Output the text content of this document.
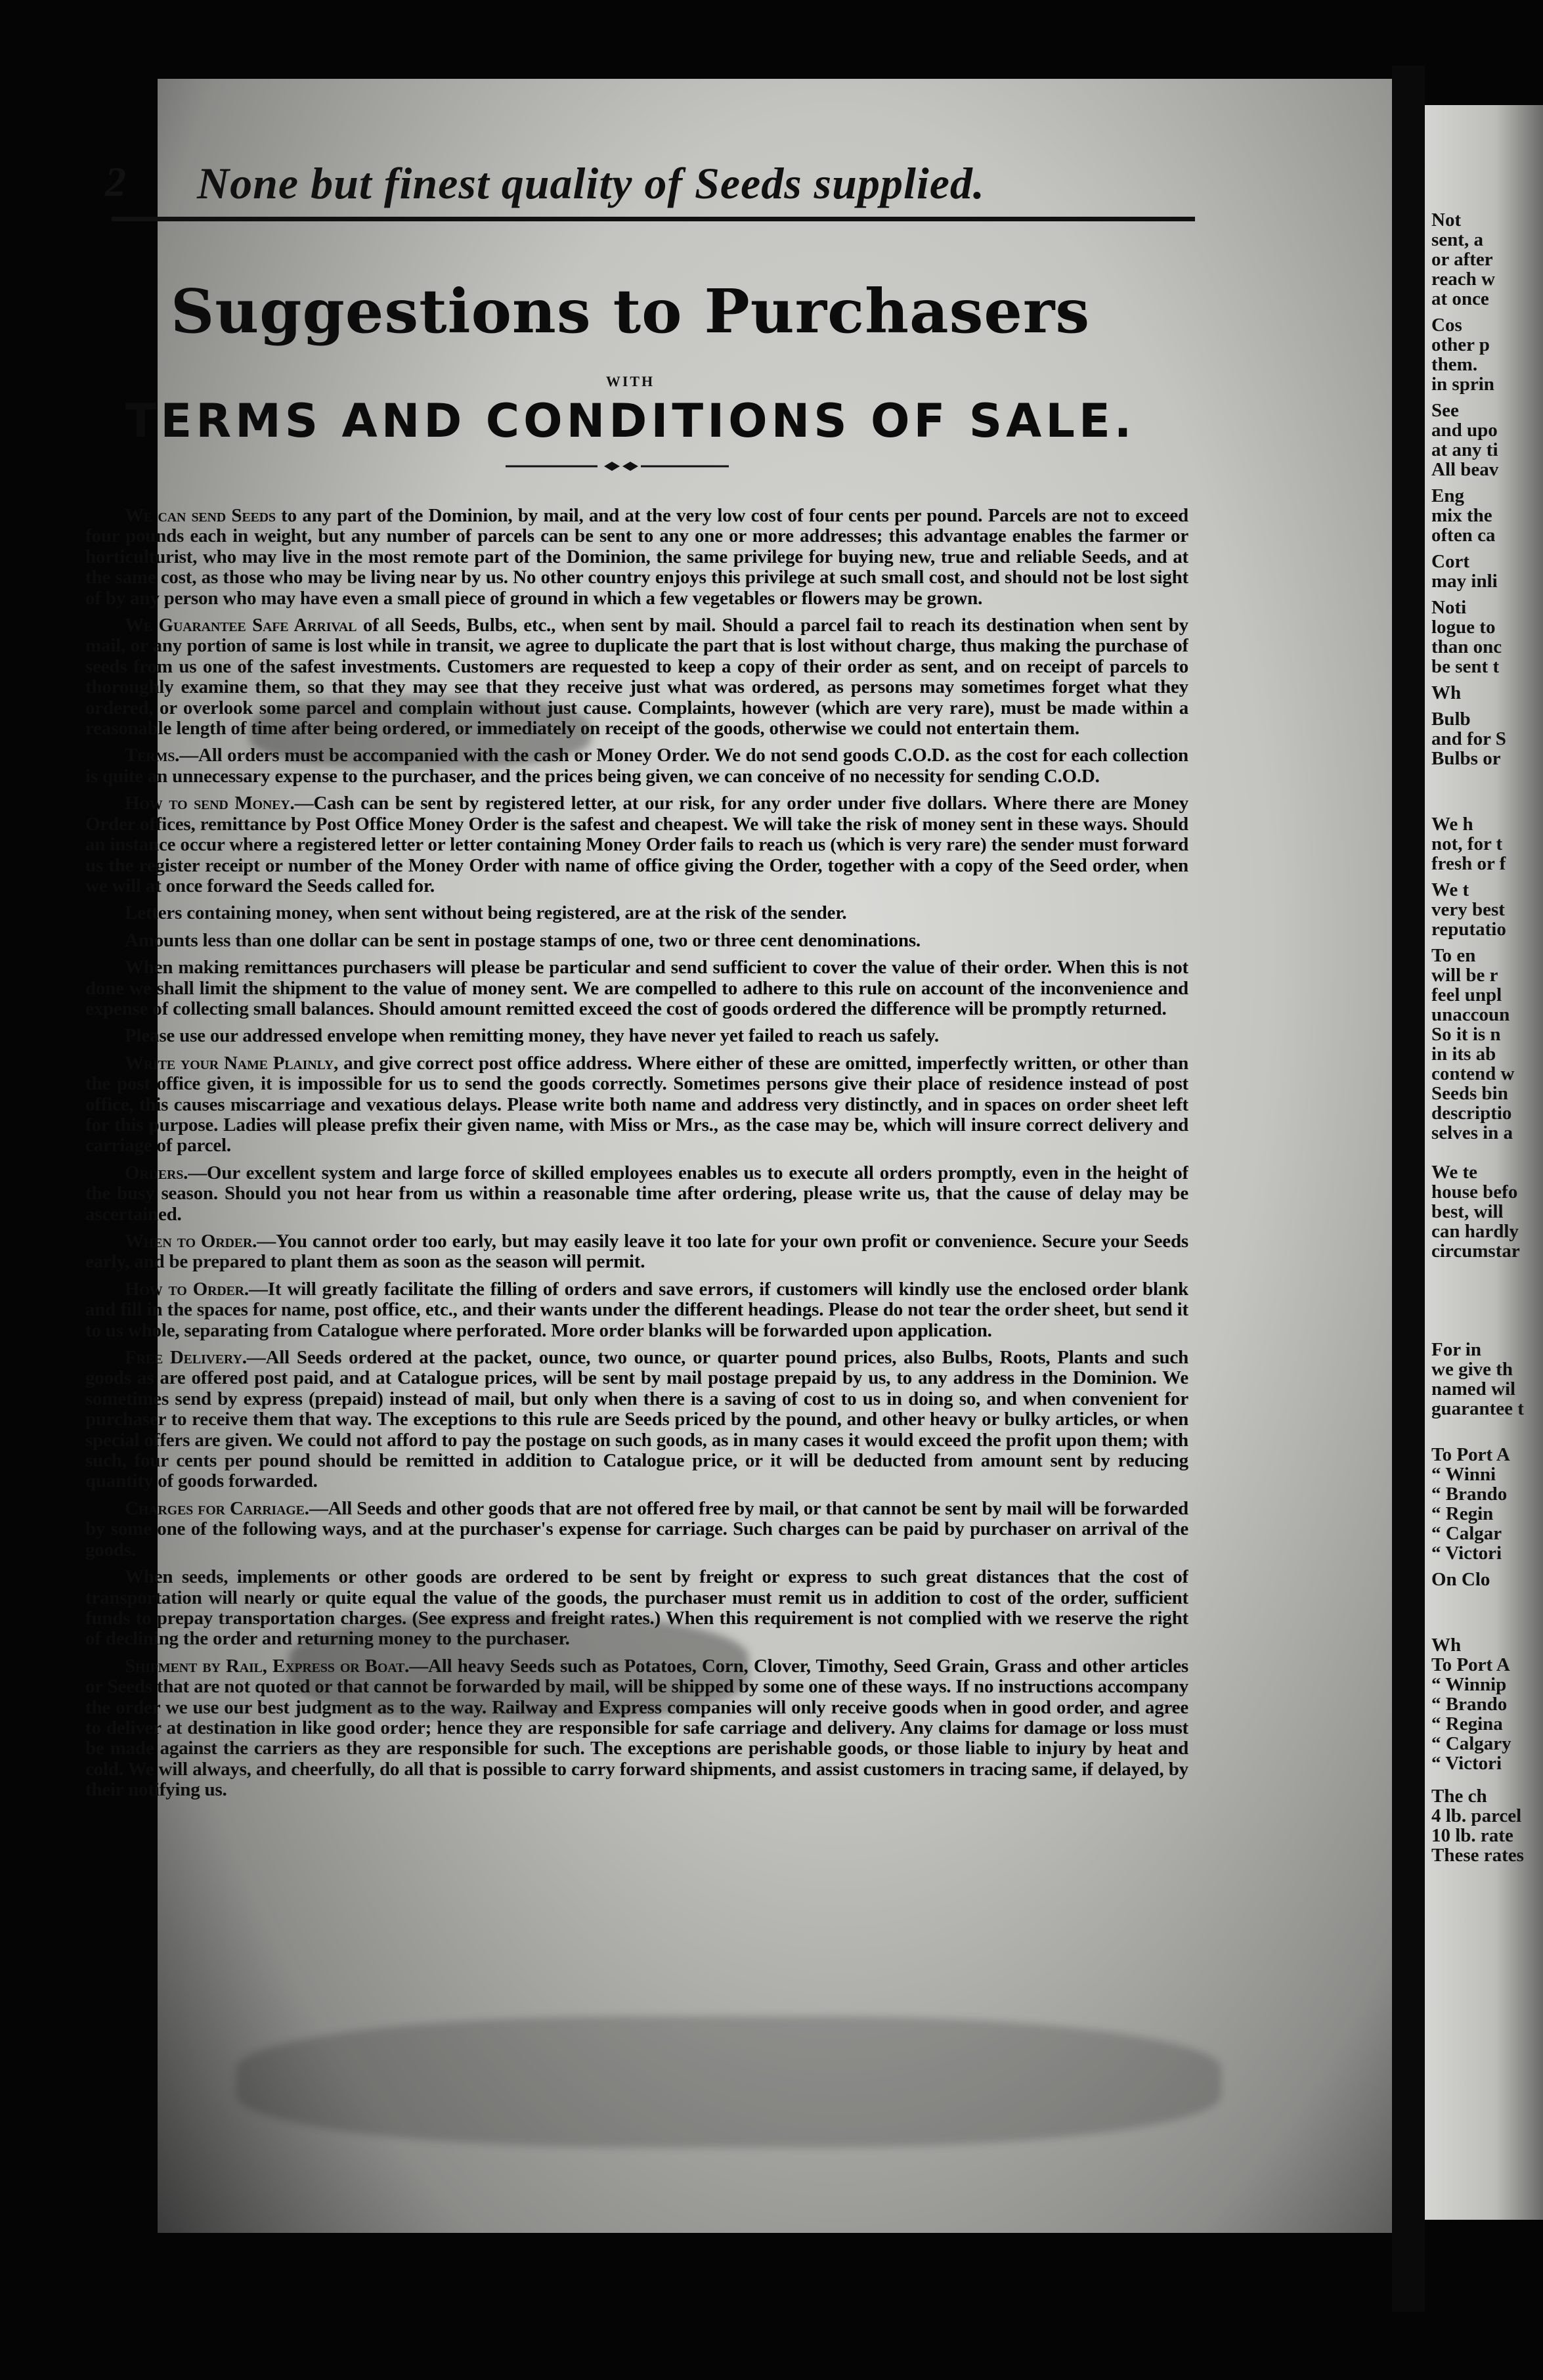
Not
sent, a
or after
reach w
at once
Cos
other p
them.
in sprin
See
and upo
at any ti
All beav
Eng
mix the
often ca
Cort
may inli
Noti
logue to
than onc
be sent t
Wh
Bulb
and for S
Bulbs or
We h
not, for t
fresh or f
We t
very best
reputatio
To en
will be r
feel unpl
unaccoun
So it is n
in its ab
contend w
Seeds bin
descriptio
selves in a
We te
house befo
best, will
can hardly
circumstar
For in
we give th
named wil
guarantee t
To Port A
“ Winni
“ Brando
“ Regin
“ Calgar
“ Victori
On Clo
Wh
To Port A
“ Winnip
“ Brando
“ Regina
“ Calgary
“ Victori
The ch
4 lb. parcel
10 lb. rate
These rates
2 None but finest quality of Seeds supplied.
Suggestions to Purchasers
WITH
TERMS AND CONDITIONS OF SALE.

We can send Seeds to any part of the Dominion, by mail, and at the very low cost of four cents per pound. Parcels are not to exceed four pounds each in weight, but any number of parcels can be sent to any one or more addresses; this advantage enables the farmer or horticulturist, who may live in the most remote part of the Dominion, the same privilege for buying new, true and reliable Seeds, and at the same cost, as those who may be living near by us. No other country enjoys this privilege at such small cost, and should not be lost sight of by any person who may have even a small piece of ground in which a few vegetables or flowers may be grown.

We Guarantee Safe Arrival of all Seeds, Bulbs, etc., when sent by mail. Should a parcel fail to reach its destination when sent by mail, or any portion of same is lost while in transit, we agree to duplicate the part that is lost without charge, thus making the purchase of seeds from us one of the safest investments. Customers are requested to keep a copy of their order as sent, and on receipt of parcels to thoroughly examine them, so that they may see that they receive just what was ordered, as persons may sometimes forget what they ordered, or overlook some parcel and complain without just cause. Complaints, however (which are very rare), must be made within a reasonable length of time after being ordered, or immediately on receipt of the goods, otherwise we could not entertain them.

Terms.—All orders must be accompanied with the cash or Money Order. We do not send goods C.O.D. as the cost for each collection is quite an unnecessary expense to the purchaser, and the prices being given, we can conceive of no necessity for sending C.O.D.

How to send Money.—Cash can be sent by registered letter, at our risk, for any order under five dollars. Where there are Money Order offices, remittance by Post Office Money Order is the safest and cheapest. We will take the risk of money sent in these ways. Should an instance occur where a registered letter or letter containing Money Order fails to reach us (which is very rare) the sender must forward us the register receipt or number of the Money Order with name of office giving the Order, together with a copy of the Seed order, when we will at once forward the Seeds called for.

Letters containing money, when sent without being registered, are at the risk of the sender.

Amounts less than one dollar can be sent in postage stamps of one, two or three cent denominations.

When making remittances purchasers will please be particular and send sufficient to cover the value of their order. When this is not done we shall limit the shipment to the value of money sent. We are compelled to adhere to this rule on account of the inconvenience and expense of collecting small balances. Should amount remitted exceed the cost of goods ordered the difference will be promptly returned.

Please use our addressed envelope when remitting money, they have never yet failed to reach us safely.

Write your Name Plainly, and give correct post office address. Where either of these are omitted, imperfectly written, or other than the post office given, it is impossible for us to send the goods correctly. Sometimes persons give their place of residence instead of post office, this causes miscarriage and vexatious delays. Please write both name and address very distinctly, and in spaces on order sheet left for this purpose. Ladies will please prefix their given name, with Miss or Mrs., as the case may be, which will insure correct delivery and carriage of parcel.

Orders.—Our excellent system and large force of skilled employees enables us to execute all orders promptly, even in the height of the busy season. Should you not hear from us within a reasonable time after ordering, please write us, that the cause of delay may be ascertained.

When to Order.—You cannot order too early, but may easily leave it too late for your own profit or convenience. Secure your Seeds early, and be prepared to plant them as soon as the season will permit.

How to Order.—It will greatly facilitate the filling of orders and save errors, if customers will kindly use the enclosed order blank and fill in the spaces for name, post office, etc., and their wants under the different headings. Please do not tear the order sheet, but send it to us whole, separating from Catalogue where perforated. More order blanks will be forwarded upon application.

Free Delivery.—All Seeds ordered at the packet, ounce, two ounce, or quarter pound prices, also Bulbs, Roots, Plants and such goods as are offered post paid, and at Catalogue prices, will be sent by mail postage prepaid by us, to any address in the Dominion. We sometimes send by express (prepaid) instead of mail, but only when there is a saving of cost to us in doing so, and when convenient for purchaser to receive them that way. The exceptions to this rule are Seeds priced by the pound, and other heavy or bulky articles, or when special offers are given. We could not afford to pay the postage on such goods, as in many cases it would exceed the profit upon them; with such, four cents per pound should be remitted in addition to Catalogue price, or it will be deducted from amount sent by reducing quantity of goods forwarded.

Charges for Carriage.—All Seeds and other goods that are not offered free by mail, or that cannot be sent by mail will be forwarded by some one of the following ways, and at the purchaser's expense for carriage. Such charges can be paid by purchaser on arrival of the goods.

When seeds, implements or other goods are ordered to be sent by freight or express to such great distances that the cost of transportation will nearly or quite equal the value of the goods, the purchaser must remit us in addition to cost of the order, sufficient funds to prepay transportation charges. (See express and freight rates.) When this requirement is not complied with we reserve the right of declining the order and returning money to the purchaser.

Shipment by Rail, Express or Boat.—All heavy Seeds such as Potatoes, Corn, Clover, Timothy, Seed Grain, Grass and other articles or Seeds that are not quoted or that cannot be forwarded by mail, will be shipped by some one of these ways. If no instructions accompany the order we use our best judgment as to the way. Railway and Express companies will only receive goods when in good order, and agree to deliver at destination in like good order; hence they are responsible for safe carriage and delivery. Any claims for damage or loss must be made against the carriers as they are responsible for such. The exceptions are perishable goods, or those liable to injury by heat and cold. We will always, and cheerfully, do all that is possible to carry forward shipments, and assist customers in tracing same, if delayed, by their notifying us.
